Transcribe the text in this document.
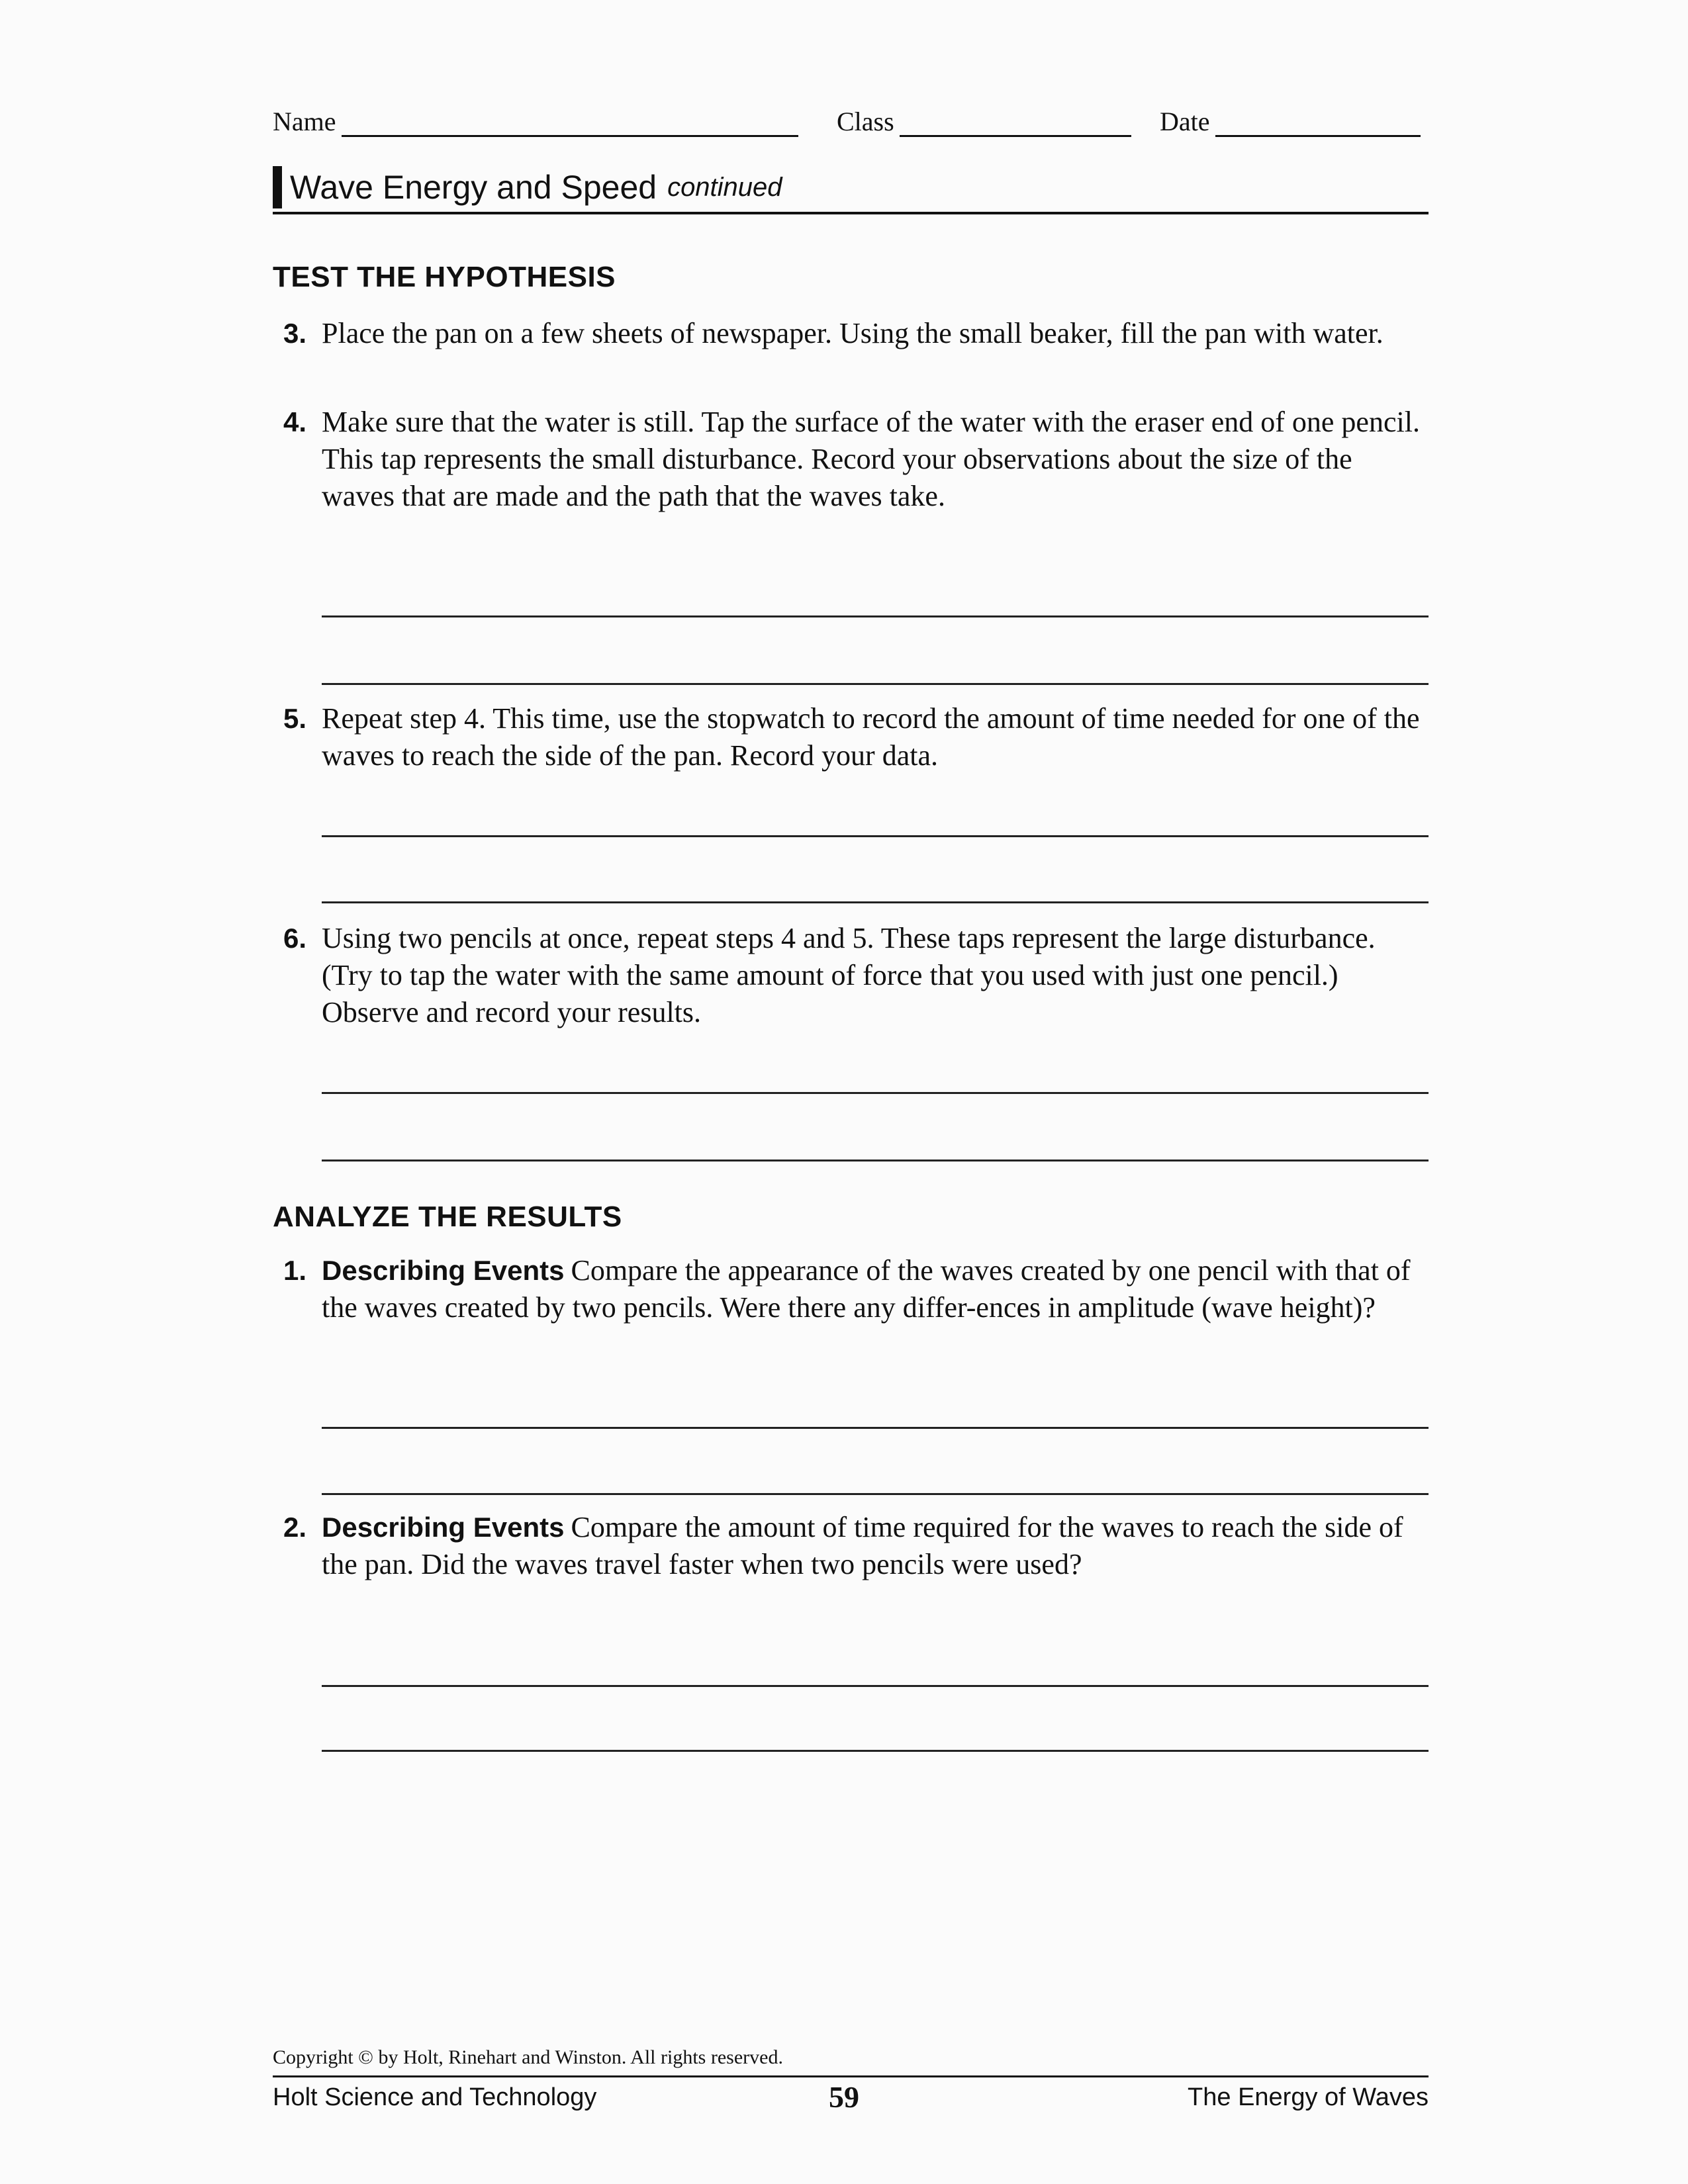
Name	Class	Date
Wave Energy and Speed continued
TEST THE HYPOTHESIS
3. Place the pan on a few sheets of newspaper. Using the small beaker, fill the pan with water.
4. Make sure that the water is still. Tap the surface of the water with the eraser end of one pencil. This tap represents the small disturbance. Record your observations about the size of the waves that are made and the path that the waves take.
5. Repeat step 4. This time, use the stopwatch to record the amount of time needed for one of the waves to reach the side of the pan. Record your data.
6. Using two pencils at once, repeat steps 4 and 5. These taps represent the large disturbance. (Try to tap the water with the same amount of force that you used with just one pencil.) Observe and record your results.
ANALYZE THE RESULTS
1. Describing Events Compare the appearance of the waves created by one pencil with that of the waves created by two pencils. Were there any differ-ences in amplitude (wave height)?
2. Describing Events Compare the amount of time required for the waves to reach the side of the pan. Did the waves travel faster when two pencils were used?
Copyright © by Holt, Rinehart and Winston. All rights reserved.
Holt Science and Technology	59	The Energy of Waves
